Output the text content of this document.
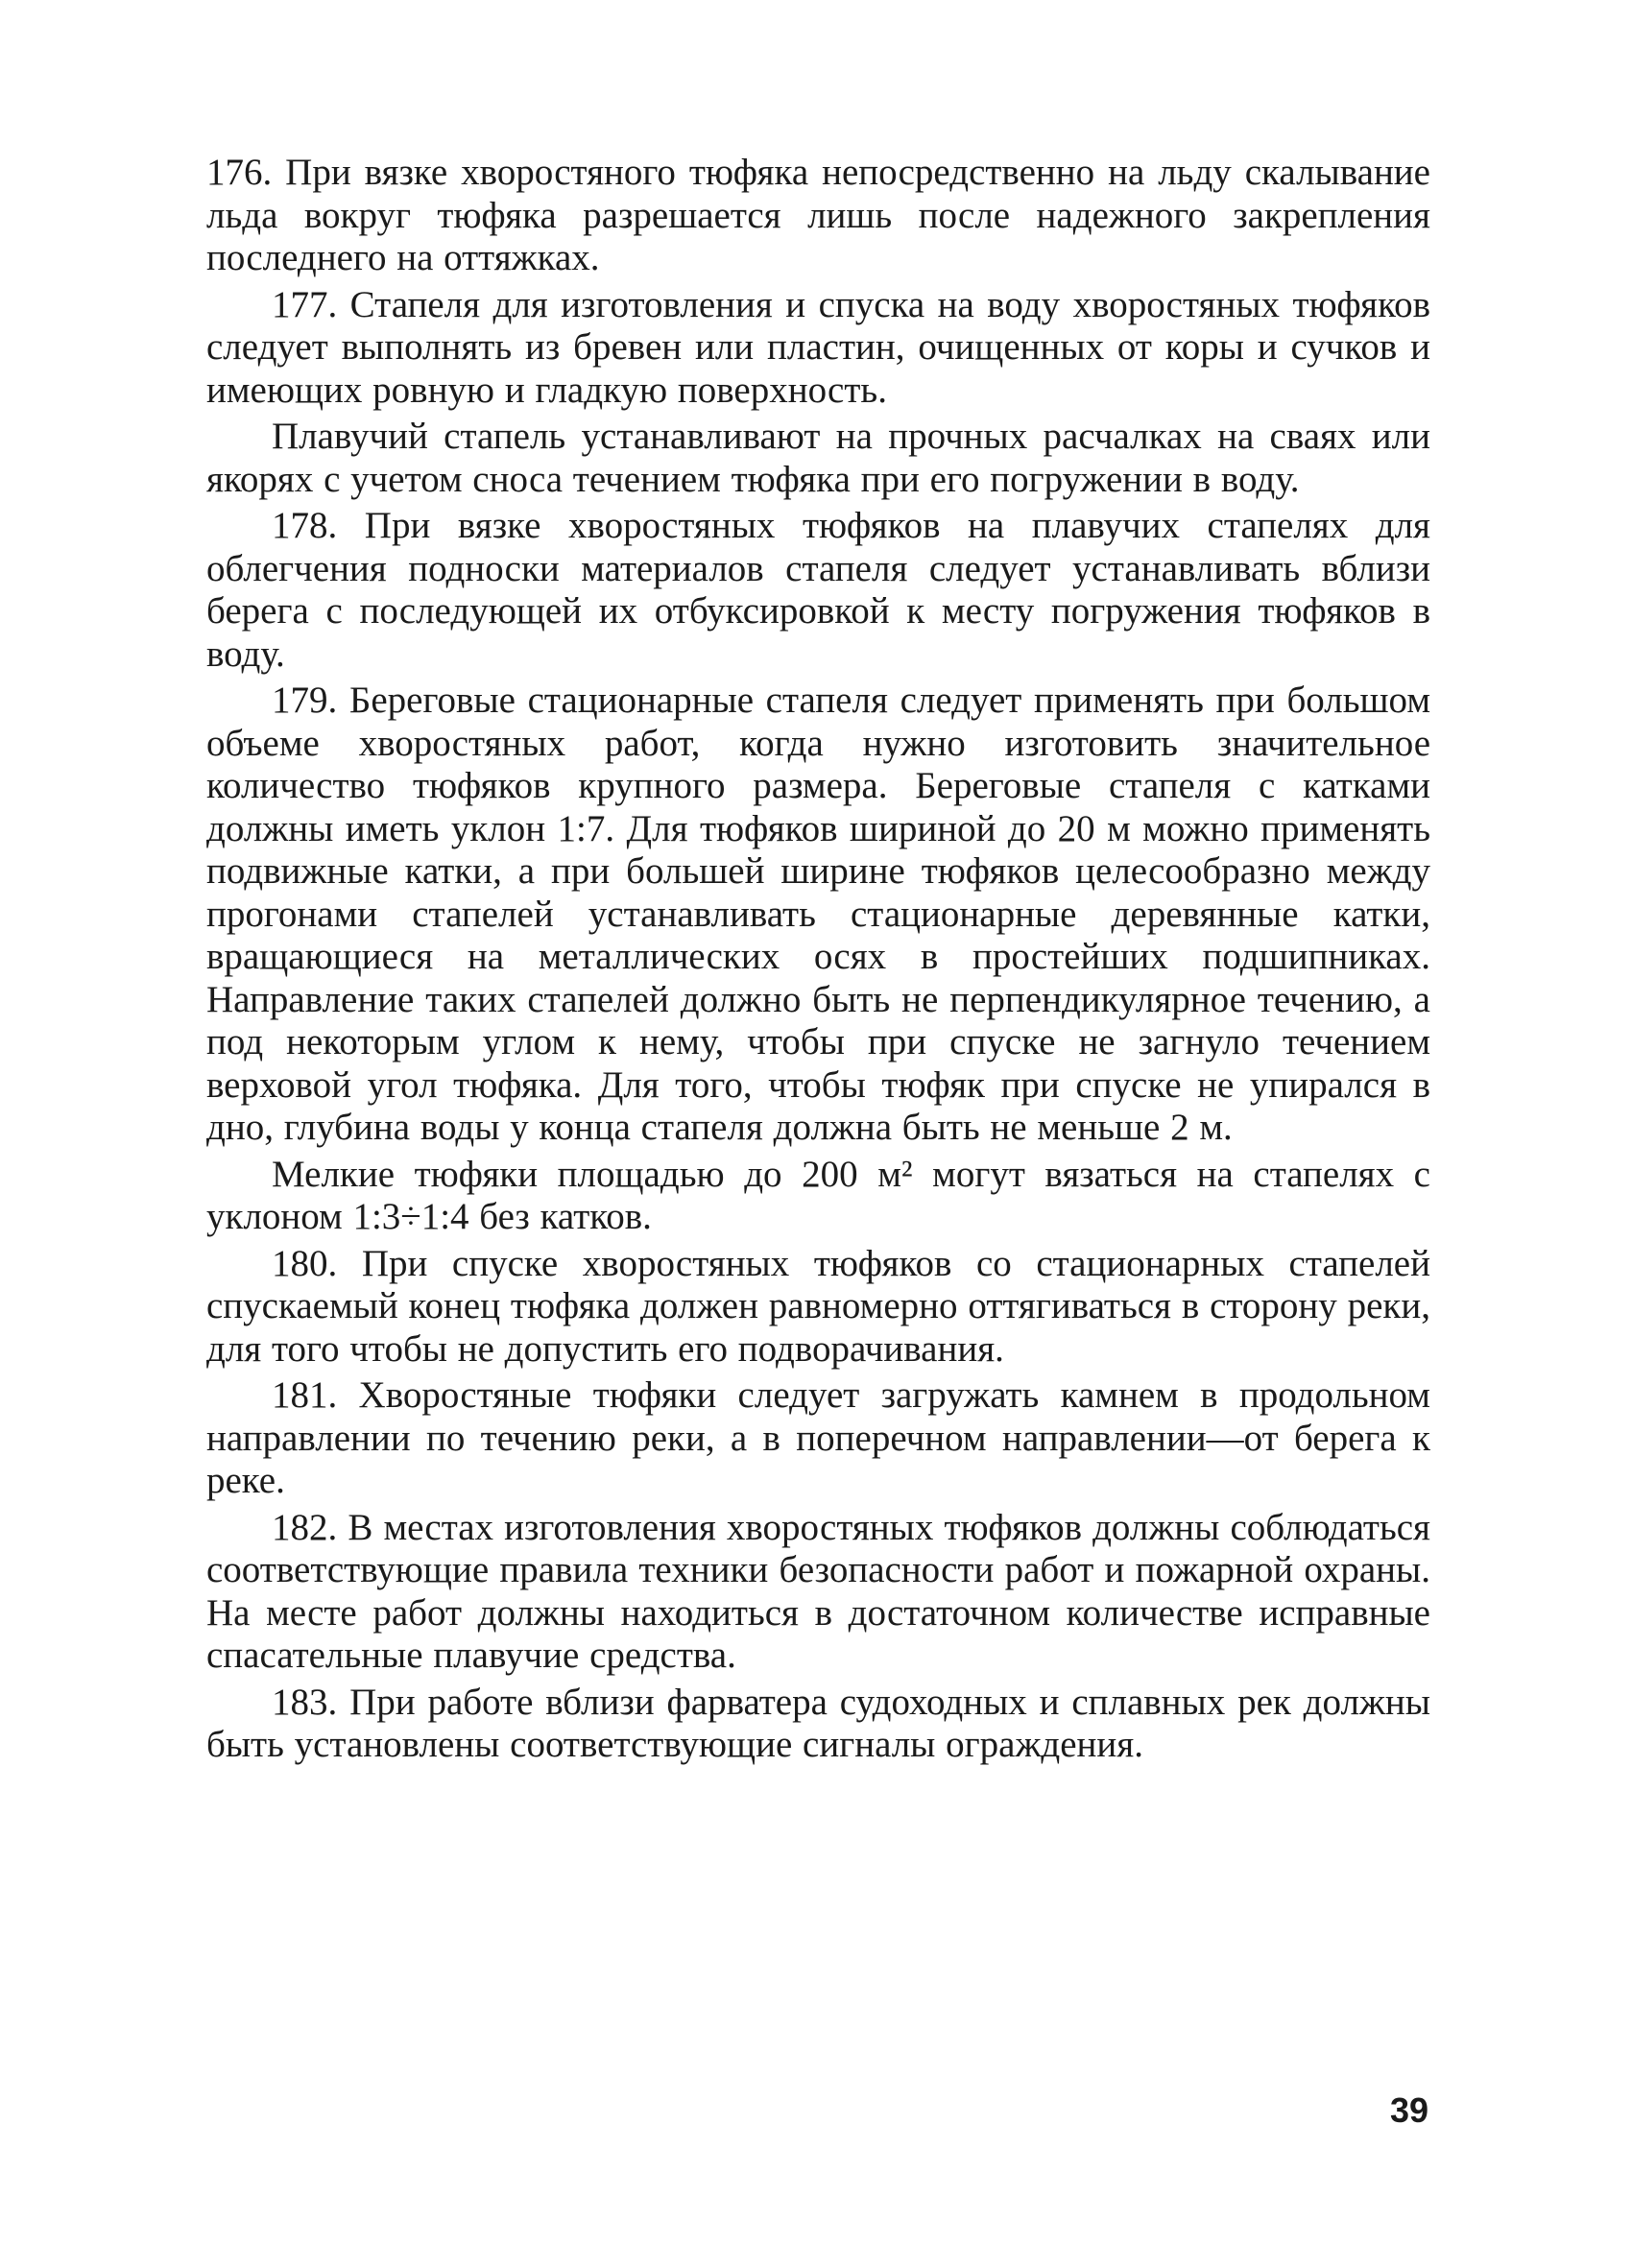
176. При вязке хворостяного тюфяка непосредственно на льду скалывание льда вокруг тюфяка разрешается лишь после надежного закрепления последнего на оттяжках.

177. Стапеля для изготовления и спуска на воду хворостяных тюфяков следует выполнять из бревен или пластин, очищенных от коры и сучков и имеющих ровную и гладкую поверхность.

Плавучий стапель устанавливают на прочных расчалках на сваях или якорях с учетом сноса течением тюфяка при его погружении в воду.

178. При вязке хворостяных тюфяков на плавучих стапелях для облегчения подноски материалов стапеля следует устанавливать вблизи берега с последующей их отбуксировкой к месту погружения тюфяков в воду.

179. Береговые стационарные стапеля следует применять при большом объеме хворостяных работ, когда нужно изготовить значительное количество тюфяков крупного размера. Береговые стапеля с катками должны иметь уклон 1:7. Для тюфяков шириной до 20 м можно применять подвижные катки, а при большей ширине тюфяков целесообразно между прогонами стапелей устанавливать стационарные деревянные катки, вращающиеся на металлических осях в простейших подшипниках. Направление таких стапелей должно быть не перпендикулярное течению, а под некоторым углом к нему, чтобы при спуске не загнуло течением верховой угол тюфяка. Для того, чтобы тюфяк при спуске не упирался в дно, глубина воды у конца стапеля должна быть не меньше 2 м.

Мелкие тюфяки площадью до 200 м² могут вязаться на стапелях с уклоном 1:3÷1:4 без катков.

180. При спуске хворостяных тюфяков со стационарных стапелей спускаемый конец тюфяка должен равномерно оттягиваться в сторону реки, для того чтобы не допустить его подворачивания.

181. Хворостяные тюфяки следует загружать камнем в продольном направлении по течению реки, а в поперечном направлении—от берега к реке.

182. В местах изготовления хворостяных тюфяков должны соблюдаться соответствующие правила техники безопасности работ и пожарной охраны. На месте работ должны находиться в достаточном количестве исправные спасательные плавучие средства.

183. При работе вблизи фарватера судоходных и сплавных рек должны быть установлены соответствующие сигналы ограждения.

39
